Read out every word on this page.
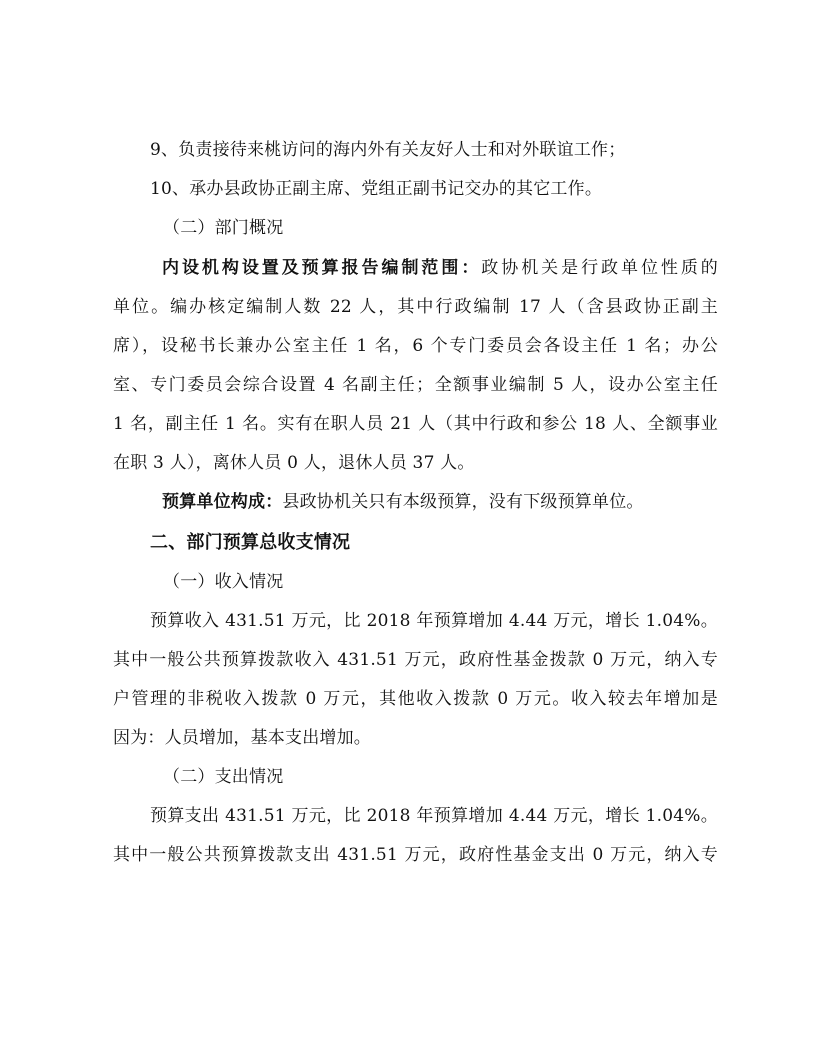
9、负责接待来桃访问的海内外有关友好人士和对外联谊工作；
10、承办县政协正副主席、党组正副书记交办的其它工作。
（二）部门概况
内设机构设置及预算报告编制范围：政协机关是行政单位性质的
单位。编办核定编制人数 22 人，其中行政编制 17 人（含县政协正副主
席），设秘书长兼办公室主任 1 名，6 个专门委员会各设主任 1 名；办公
室、专门委员会综合设置 4 名副主任；全额事业编制 5 人，设办公室主任
1 名，副主任 1 名。实有在职人员 21 人（其中行政和参公 18 人、全额事业
在职 3 人），离休人员 0 人，退休人员 37 人。
预算单位构成：县政协机关只有本级预算，没有下级预算单位。
二、部门预算总收支情况
（一）收入情况
预算收入 431.51 万元，比 2018 年预算增加 4.44 万元，增长 1.04%。
其中一般公共预算拨款收入 431.51 万元，政府性基金拨款 0 万元，纳入专
户管理的非税收入拨款 0 万元，其他收入拨款 0 万元。收入较去年增加是
因为：人员增加，基本支出增加。
（二）支出情况
预算支出 431.51 万元，比 2018 年预算增加 4.44 万元，增长 1.04%。
其中一般公共预算拨款支出 431.51 万元，政府性基金支出 0 万元，纳入专
